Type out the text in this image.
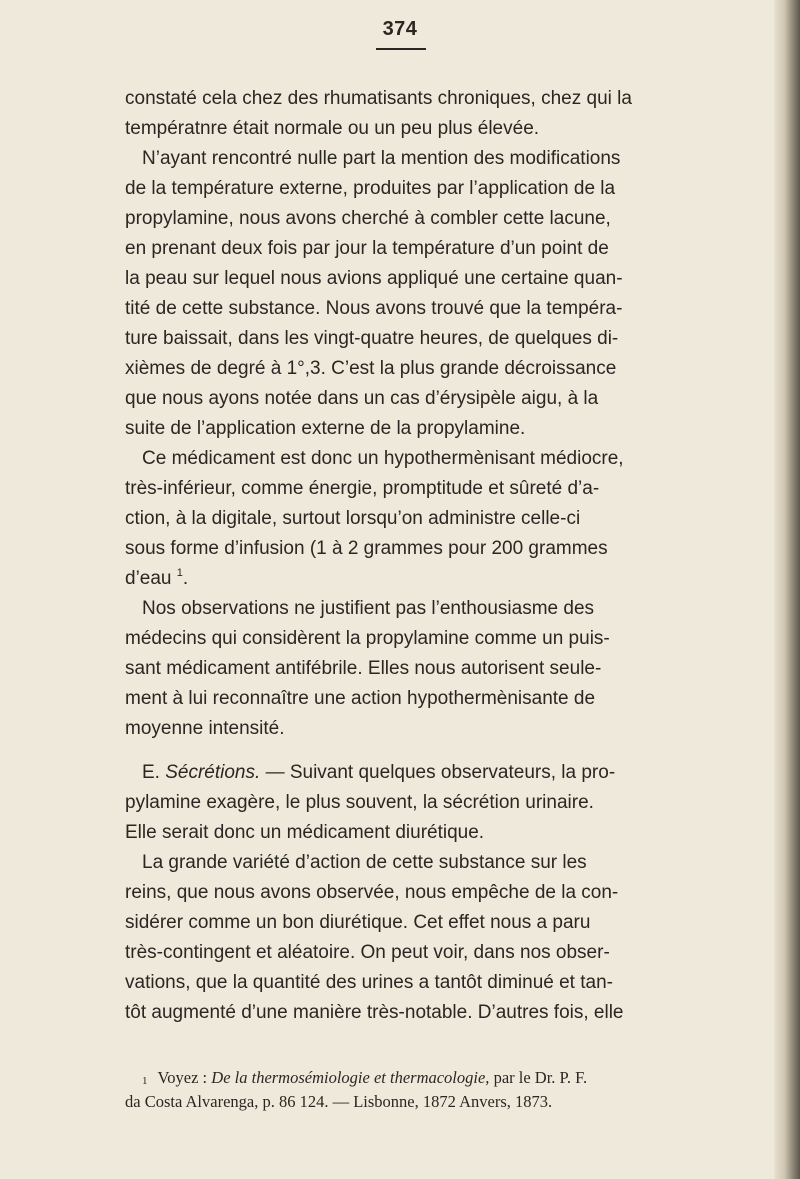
374
constaté cela chez des rhumatisants chroniques, chez qui la
températnre était normale ou un peu plus élevée.
N’ayant rencontré nulle part la mention des modifications
de la température externe, produites par l’application de la
propylamine, nous avons cherché à combler cette lacune,
en prenant deux fois par jour la température d’un point de
la peau sur lequel nous avions appliqué une certaine quan-
tité de cette substance. Nous avons trouvé que la tempéra-
ture baissait, dans les vingt-quatre heures, de quelques di-
xièmes de degré à 1°,3. C’est la plus grande décroissance
que nous ayons notée dans un cas d’érysipèle aigu, à la
suite de l’application externe de la propylamine.
Ce médicament est donc un hypothermènisant médiocre,
très-inférieur, comme énergie, promptitude et sûreté d’a-
ction, à la digitale, surtout lorsqu’on administre celle-ci
sous forme d’infusion (1 à 2 grammes pour 200 grammes
d’eau $^1$.
Nos observations ne justifient pas l’enthousiasme des
médecins qui considèrent la propylamine comme un puis-
sant médicament antifébrile. Elles nous autorisent seule-
ment à lui reconnaître une action hypothermènisante de
moyenne intensité.
E. Sécrétions. — Suivant quelques observateurs, la pro-
pylamine exagère, le plus souvent, la sécrétion urinaire.
Elle serait donc un médicament diurétique.
La grande variété d’action de cette substance sur les
reins, que nous avons observée, nous empêche de la con-
sidérer comme un bon diurétique. Cet effet nous a paru
très-contingent et aléatoire. On peut voir, dans nos obser-
vations, que la quantité des urines a tantôt diminué et tan-
tôt augmenté d’une manière très-notable. D’autres fois, elle
$^1$ Voyez : De la thermosémiologie et thermacologie, par le Dr. P. F.
da Costa Alvarenga, p. 86 124. — Lisbonne, 1872 Anvers, 1873.
